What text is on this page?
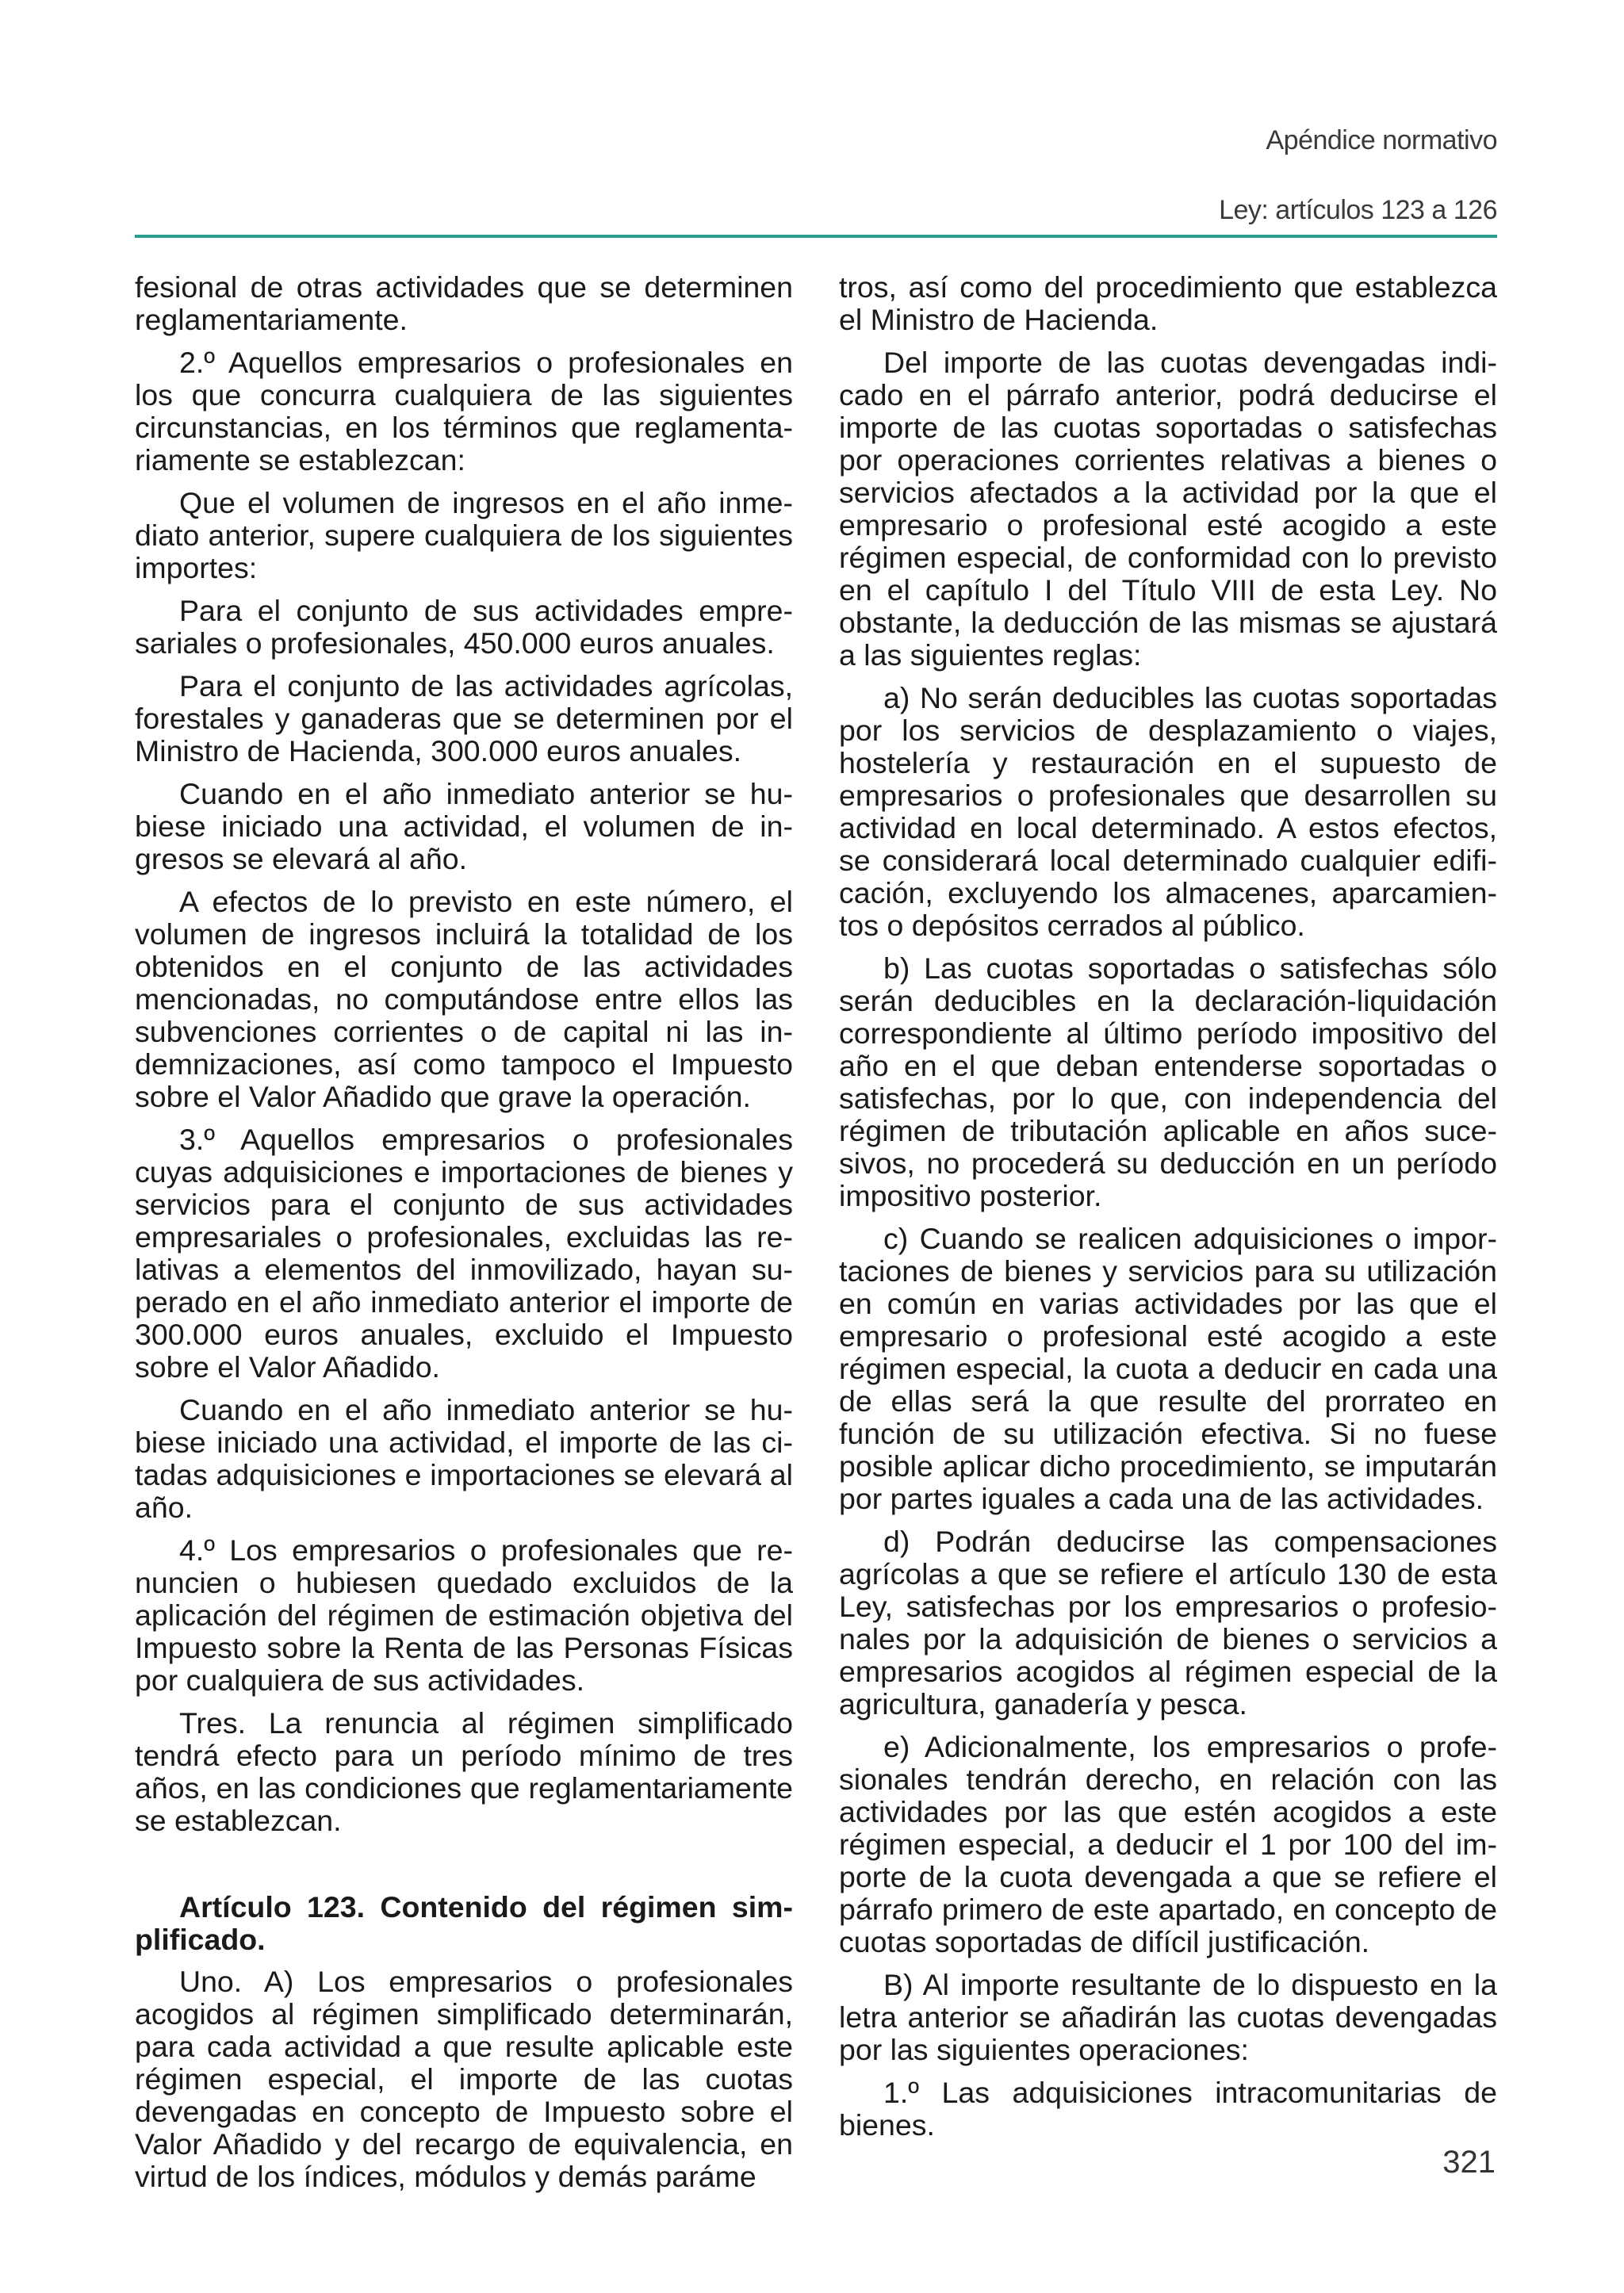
Apéndice normativo
Ley: artículos 123 a 126

fesional de otras actividades que se determinen reglamentariamente.

2.º Aquellos empresarios o profesionales en los que concurra cualquiera de las siguientes circunstancias, en los términos que reglamentariamente se establezcan:

Que el volumen de ingresos en el año inmediato anterior, supere cualquiera de los siguientes importes:

Para el conjunto de sus actividades empresariales o profesionales, 450.000 euros anuales.

Para el conjunto de las actividades agrícolas, forestales y ganaderas que se determinen por el Ministro de Hacienda, 300.000 euros anuales.

Cuando en el año inmediato anterior se hubiese iniciado una actividad, el volumen de ingresos se elevará al año.

A efectos de lo previsto en este número, el volumen de ingresos incluirá la totalidad de los obtenidos en el conjunto de las actividades mencionadas, no computándose entre ellos las subvenciones corrientes o de capital ni las indemnizaciones, así como tampoco el Impuesto sobre el Valor Añadido que grave la operación.

3.º Aquellos empresarios o profesionales cuyas adquisiciones e importaciones de bienes y servicios para el conjunto de sus actividades empresariales o profesionales, excluidas las relativas a elementos del inmovilizado, hayan superado en el año inmediato anterior el importe de 300.000 euros anuales, excluido el Impuesto sobre el Valor Añadido.

Cuando en el año inmediato anterior se hubiese iniciado una actividad, el importe de las citadas adquisiciones e importaciones se elevará al año.

4.º Los empresarios o profesionales que renuncien o hubiesen quedado excluidos de la aplicación del régimen de estimación objetiva del Impuesto sobre la Renta de las Personas Físicas por cualquiera de sus actividades.

Tres. La renuncia al régimen simplificado tendrá efecto para un período mínimo de tres años, en las condiciones que reglamentariamente se establezcan.

Artículo 123. Contenido del régimen simplificado.

Uno. A) Los empresarios o profesionales acogidos al régimen simplificado determinarán, para cada actividad a que resulte aplicable este régimen especial, el importe de las cuotas devengadas en concepto de Impuesto sobre el Valor Añadido y del recargo de equivalencia, en virtud de los índices, módulos y demás paráme

tros, así como del procedimiento que establezca el Ministro de Hacienda.

Del importe de las cuotas devengadas indicado en el párrafo anterior, podrá deducirse el importe de las cuotas soportadas o satisfechas por operaciones corrientes relativas a bienes o servicios afectados a la actividad por la que el empresario o profesional esté acogido a este régimen especial, de conformidad con lo previsto en el capítulo I del Título VIII de esta Ley. No obstante, la deducción de las mismas se ajustará a las siguientes reglas:

a) No serán deducibles las cuotas soportadas por los servicios de desplazamiento o viajes, hostelería y restauración en el supuesto de empresarios o profesionales que desarrollen su actividad en local determinado. A estos efectos, se considerará local determinado cualquier edificación, excluyendo los almacenes, aparcamientos o depósitos cerrados al público.

b) Las cuotas soportadas o satisfechas sólo serán deducibles en la declaración-liquidación correspondiente al último período impositivo del año en el que deban entenderse soportadas o satisfechas, por lo que, con independencia del régimen de tributación aplicable en años sucesivos, no procederá su deducción en un período impositivo posterior.

c) Cuando se realicen adquisiciones o importaciones de bienes y servicios para su utilización en común en varias actividades por las que el empresario o profesional esté acogido a este régimen especial, la cuota a deducir en cada una de ellas será la que resulte del prorrateo en función de su utilización efectiva. Si no fuese posible aplicar dicho procedimiento, se imputarán por partes iguales a cada una de las actividades.

d) Podrán deducirse las compensaciones agrícolas a que se refiere el artículo 130 de esta Ley, satisfechas por los empresarios o profesionales por la adquisición de bienes o servicios a empresarios acogidos al régimen especial de la agricultura, ganadería y pesca.

e) Adicionalmente, los empresarios o profesionales tendrán derecho, en relación con las actividades por las que estén acogidos a este régimen especial, a deducir el 1 por 100 del importe de la cuota devengada a que se refiere el párrafo primero de este apartado, en concepto de cuotas soportadas de difícil justificación.

B) Al importe resultante de lo dispuesto en la letra anterior se añadirán las cuotas devengadas por las siguientes operaciones:

1.º Las adquisiciones intracomunitarias de bienes.

321
